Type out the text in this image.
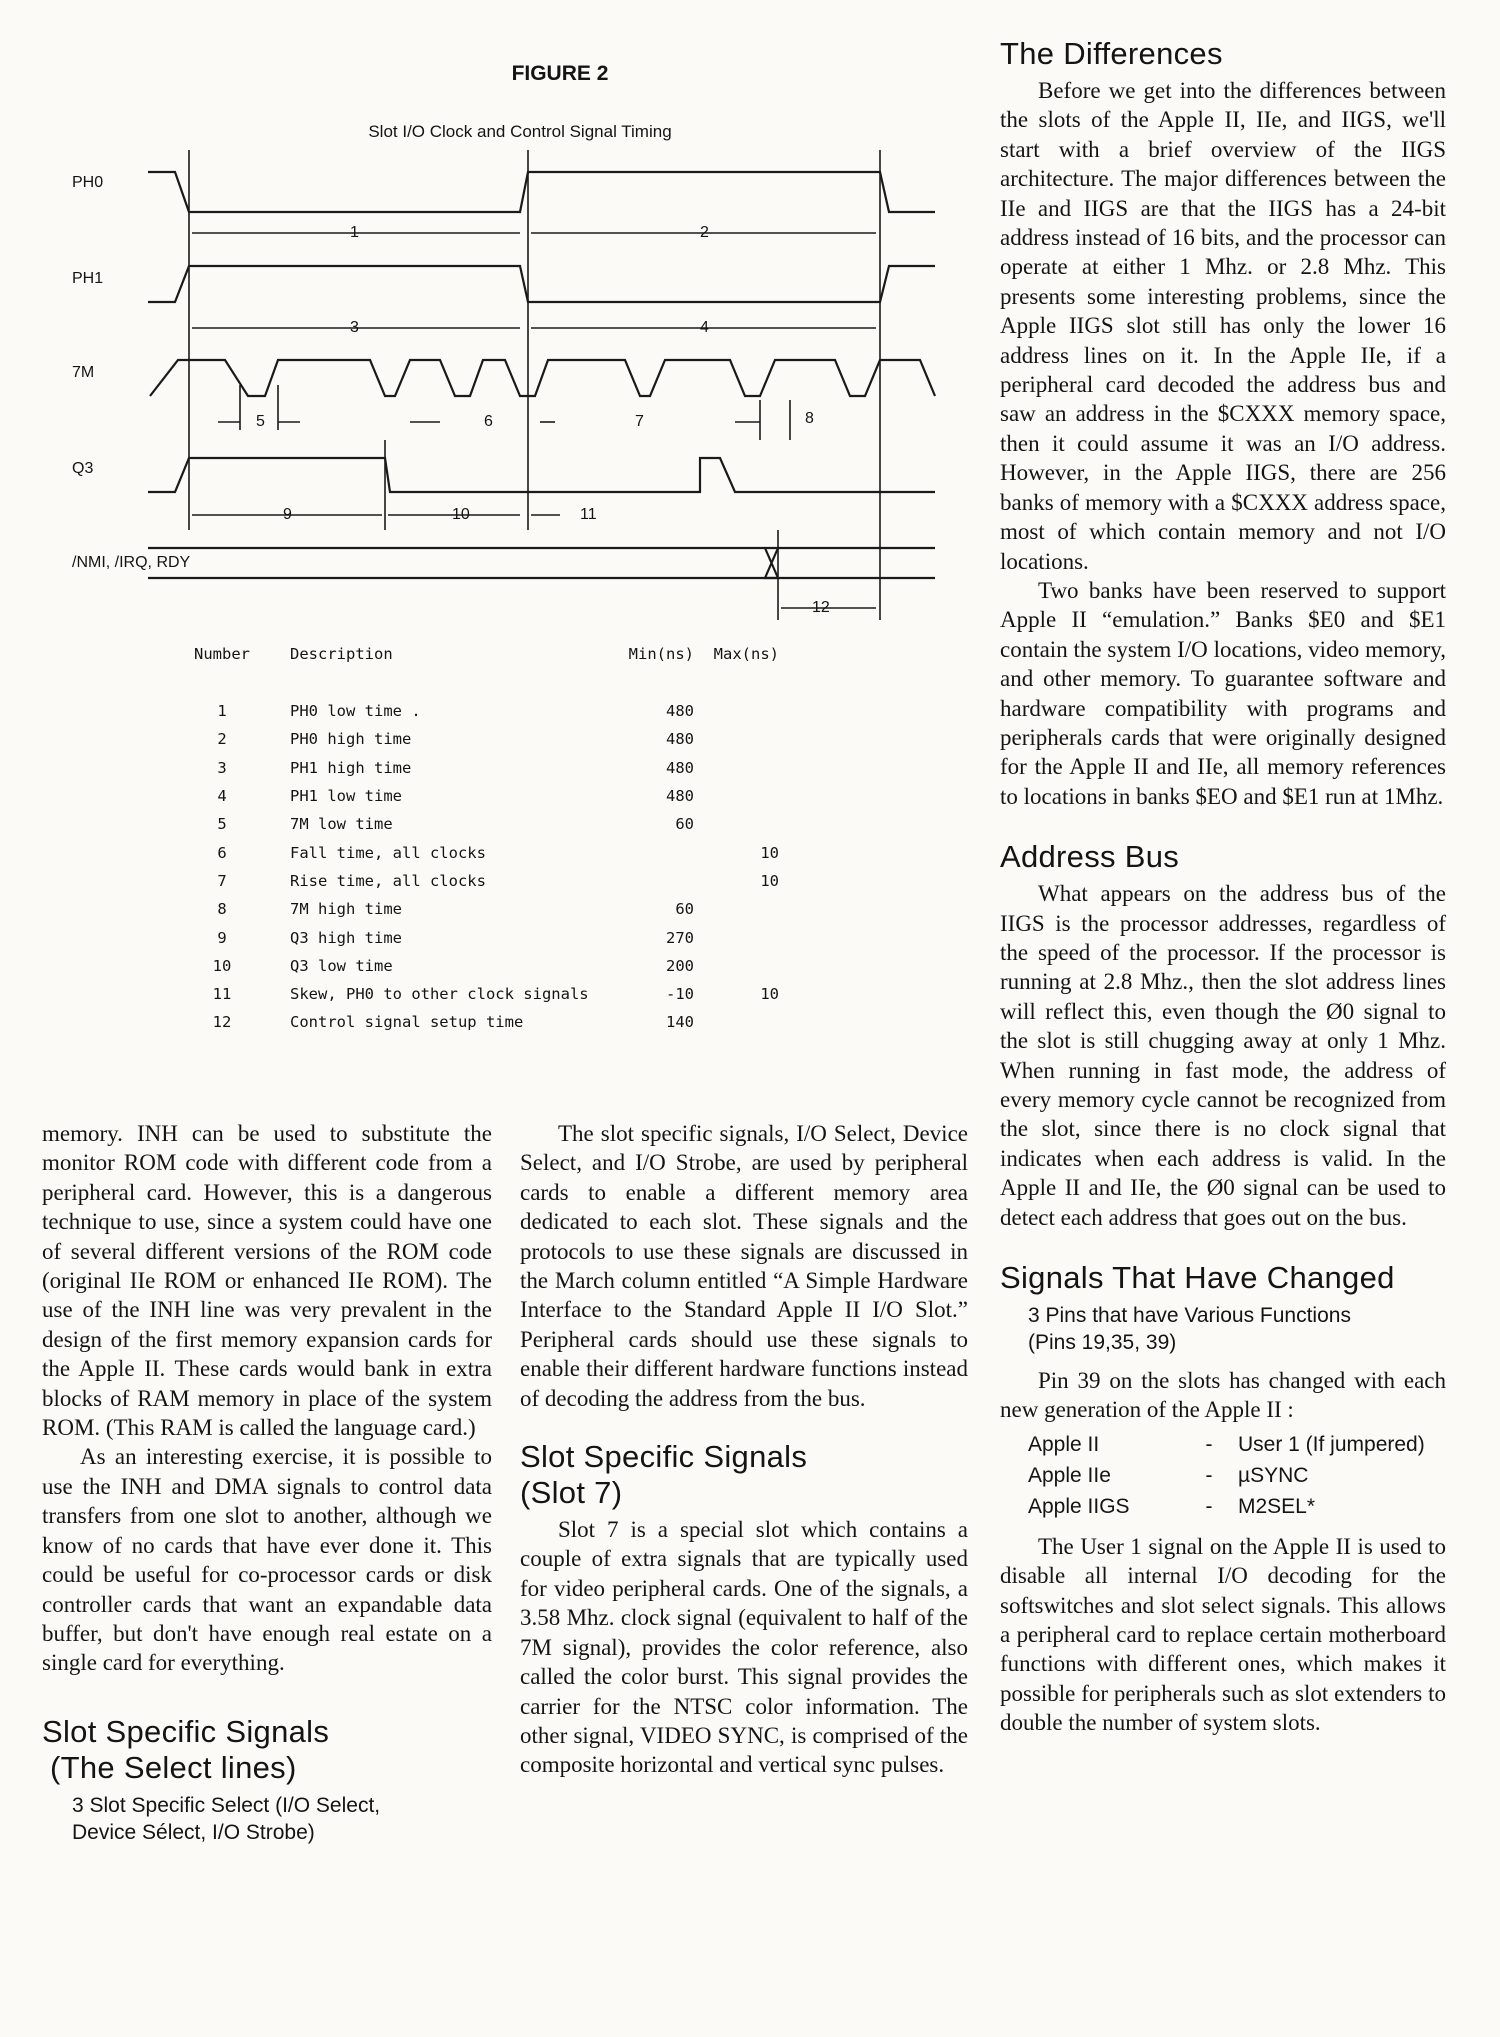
FIGURE 2
Slot I/O Clock and Control Signal Timing
PH0
PH1
7M
Q3
/NMI, /IRQ, RDY
1	2
3	4
5	6	7	8
9	10	11
12
Number	Description	Min(ns)	Max(ns)

1	PH0 low time .	480	
2	PH0 high time	480	
3	PH1 high time	480	
4	PH1 low time	480	
5	7M low time	60	
6	Fall time, all clocks		10
7	Rise time, all clocks		10
8	7M high time	60	
9	Q3 high time	270	
10	Q3 low time	200	
11	Skew, PH0 to other clock signals	-10	10
12	Control signal setup time	140	

memory. INH can be used to substitute the monitor ROM code with different code from a peripheral card. However, this is a dangerous technique to use, since a system could have one of several different versions of the ROM code (original IIe ROM or enhanced IIe ROM). The use of the INH line was very prevalent in the design of the first memory expansion cards for the Apple II. These cards would bank in extra blocks of RAM memory in place of the system ROM. (This RAM is called the language card.)

As an interesting exercise, it is possible to use the INH and DMA signals to control data transfers from one slot to another, although we know of no cards that have ever done it. This could be useful for co-processor cards or disk controller cards that want an expandable data buffer, but don't have enough real estate on a single card for everything.

Slot Specific Signals
(The Select lines)
3 Slot Specific Select (I/O Select,
Device Sélect, I/O Strobe)

The slot specific signals, I/O Select, Device Select, and I/O Strobe, are used by peripheral cards to enable a different memory area dedicated to each slot. These signals and the protocols to use these signals are discussed in the March column entitled “A Simple Hardware Interface to the Standard Apple II I/O Slot.” Peripheral cards should use these signals to enable their different hardware functions instead of decoding the address from the bus.

Slot Specific Signals
(Slot 7)

Slot 7 is a special slot which contains a couple of extra signals that are typically used for video peripheral cards. One of the signals, a 3.58 Mhz. clock signal (equivalent to half of the 7M signal), provides the color reference, also called the color burst. This signal provides the carrier for the NTSC color information. The other signal, VIDEO SYNC, is comprised of the composite horizontal and vertical sync pulses.

The Differences

Before we get into the differences between the slots of the Apple II, IIe, and IIGS, we'll start with a brief overview of the IIGS architecture. The major differences between the IIe and IIGS are that the IIGS has a 24-bit address instead of 16 bits, and the processor can operate at either 1 Mhz. or 2.8 Mhz. This presents some interesting problems, since the Apple IIGS slot still has only the lower 16 address lines on it. In the Apple IIe, if a peripheral card decoded the address bus and saw an address in the $CXXX memory space, then it could assume it was an I/O address. However, in the Apple IIGS, there are 256 banks of memory with a $CXXX address space, most of which contain memory and not I/O locations.

Two banks have been reserved to support Apple II “emulation.” Banks $E0 and $E1 contain the system I/O locations, video memory, and other memory. To guarantee software and hardware compatibility with programs and peripherals cards that were originally designed for the Apple II and IIe, all memory references to locations in banks $EO and $E1 run at 1Mhz.

Address Bus

What appears on the address bus of the IIGS is the processor addresses, regardless of the speed of the processor. If the processor is running at 2.8 Mhz., then the slot address lines will reflect this, even though the Ø0 signal to the slot is still chugging away at only 1 Mhz. When running in fast mode, the address of every memory cycle cannot be recognized from the slot, since there is no clock signal that indicates when each address is valid. In the Apple II and IIe, the Ø0 signal can be used to detect each address that goes out on the bus.

Signals That Have Changed
3 Pins that have Various Functions
(Pins 19,35, 39)

Pin 39 on the slots has changed with each new generation of the Apple II :

Apple II	-	User 1 (If jumpered)
Apple IIe	-	µSYNC
Apple IIGS	-	M2SEL*

The User 1 signal on the Apple II is used to disable all internal I/O decoding for the softswitches and slot select signals. This allows a peripheral card to replace certain motherboard functions with different ones, which makes it possible for peripherals such as slot extenders to double the number of system slots.
